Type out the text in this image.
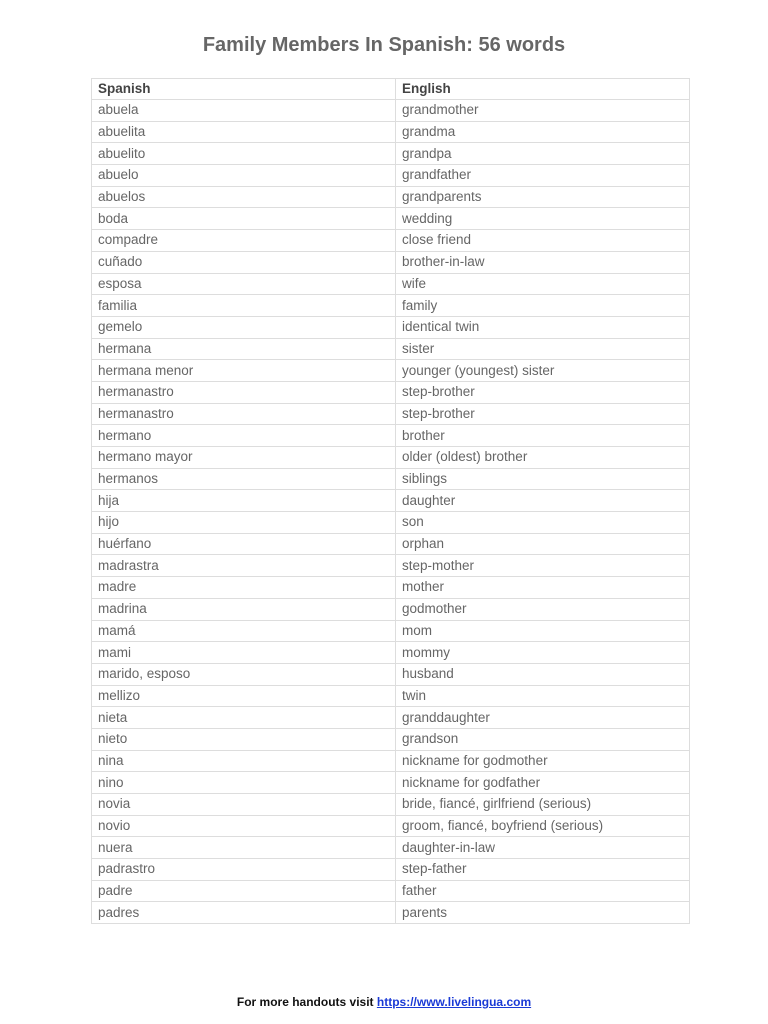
Family Members In Spanish: 56 words
Spanish	English
abuela	grandmother
abuelita	grandma
abuelito	grandpa
abuelo	grandfather
abuelos	grandparents
boda	wedding
compadre	close friend
cuñado	brother-in-law
esposa	wife
familia	family
gemelo	identical twin
hermana	sister
hermana menor	younger (youngest) sister
hermanastro	step-brother
hermanastro	step-brother
hermano	brother
hermano mayor	older (oldest) brother
hermanos	siblings
hija	daughter
hijo	son
huérfano	orphan
madrastra	step-mother
madre	mother
madrina	godmother
mamá	mom
mami	mommy
marido, esposo	husband
mellizo	twin
nieta	granddaughter
nieto	grandson
nina	nickname for godmother
nino	nickname for godfather
novia	bride, fiancé, girlfriend (serious)
novio	groom, fiancé, boyfriend (serious)
nuera	daughter-in-law
padrastro	step-father
padre	father
padres	parents
For more handouts visit https://www.livelingua.com
